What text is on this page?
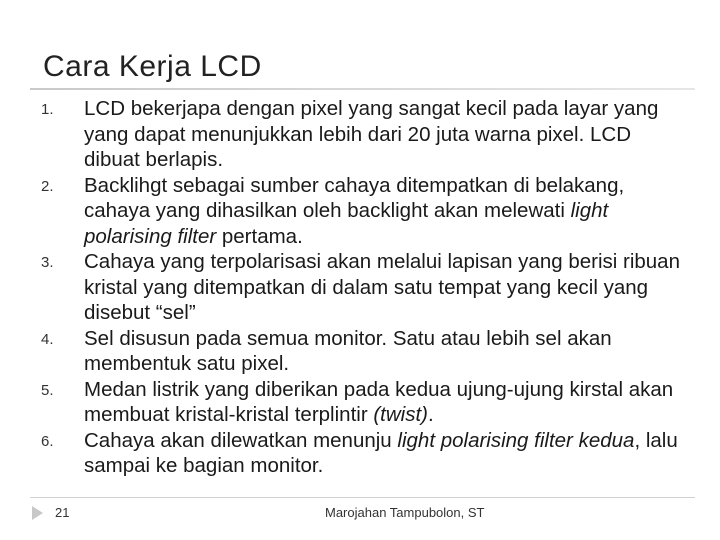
Cara Kerja LCD
1. LCD bekerjapa dengan pixel yang sangat kecil pada layar yang yang dapat menunjukkan lebih dari 20 juta warna pixel. LCD dibuat berlapis.
2. Backlihgt sebagai sumber cahaya ditempatkan di belakang, cahaya yang dihasilkan oleh backlight akan melewati light polarising filter pertama.
3. Cahaya yang terpolarisasi akan melalui lapisan yang berisi ribuan kristal yang ditempatkan di dalam satu tempat yang kecil yang disebut “sel”
4. Sel disusun pada semua monitor. Satu atau lebih sel akan membentuk satu pixel.
5. Medan listrik yang diberikan pada kedua ujung-ujung kirstal akan membuat kristal-kristal terplintir (twist).
6. Cahaya akan dilewatkan menunju light polarising filter kedua, lalu sampai ke bagian monitor.
21	Marojahan Tampubolon, ST
